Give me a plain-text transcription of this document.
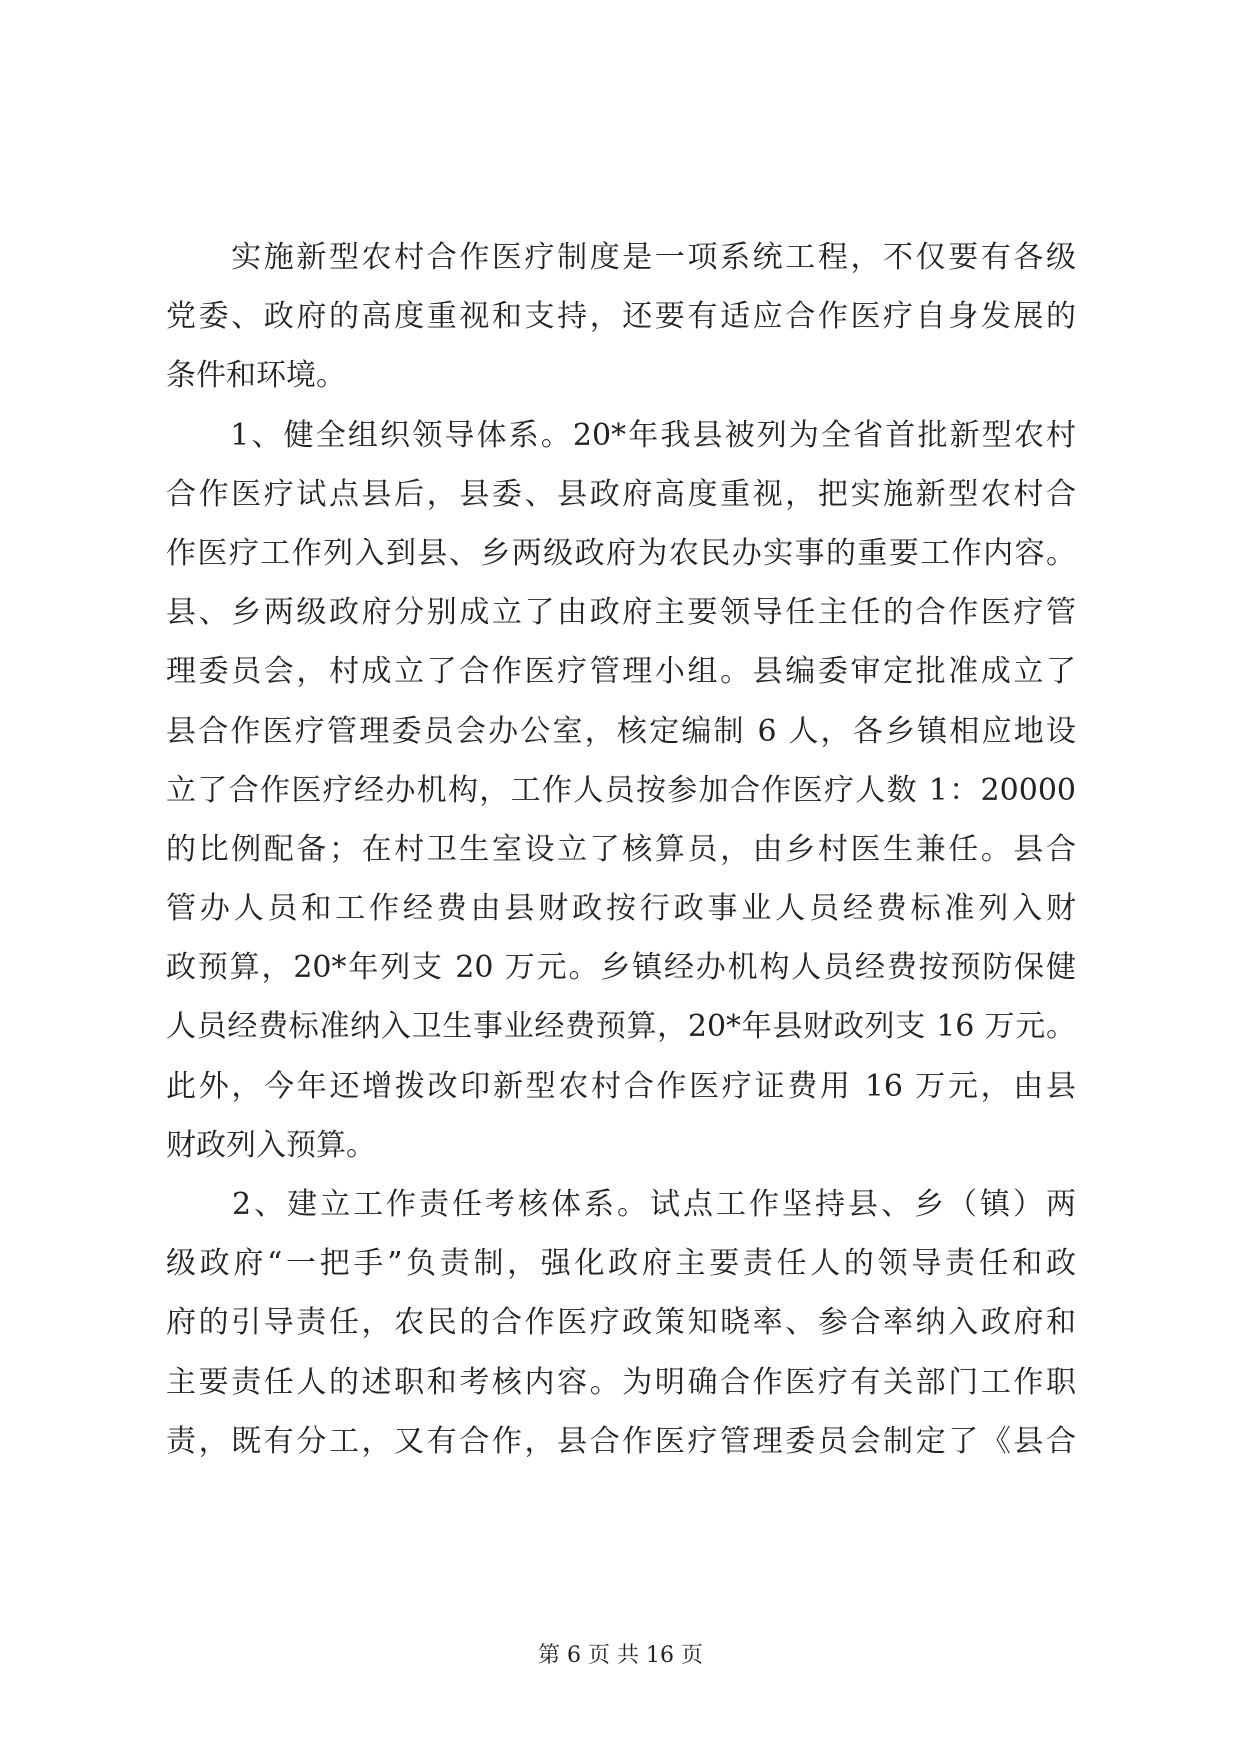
　　实施新型农村合作医疗制度是一项系统工程，不仅要有各级
党委、政府的高度重视和支持，还要有适应合作医疗自身发展的
条件和环境。
　　1、健全组织领导体系。20*年我县被列为全省首批新型农村
合作医疗试点县后，县委、县政府高度重视，把实施新型农村合
作医疗工作列入到县、乡两级政府为农民办实事的重要工作内容。
县、乡两级政府分别成立了由政府主要领导任主任的合作医疗管
理委员会，村成立了合作医疗管理小组。县编委审定批准成立了
县合作医疗管理委员会办公室，核定编制 6 人，各乡镇相应地设
立了合作医疗经办机构，工作人员按参加合作医疗人数 1：20000
的比例配备；在村卫生室设立了核算员，由乡村医生兼任。县合
管办人员和工作经费由县财政按行政事业人员经费标准列入财
政预算，20*年列支 20 万元。乡镇经办机构人员经费按预防保健
人员经费标准纳入卫生事业经费预算，20*年县财政列支 16 万元。
此外，今年还增拨改印新型农村合作医疗证费用 16 万元，由县
财政列入预算。
　　2、建立工作责任考核体系。试点工作坚持县、乡（镇）两
级政府“一把手”负责制，强化政府主要责任人的领导责任和政
府的引导责任，农民的合作医疗政策知晓率、参合率纳入政府和
主要责任人的述职和考核内容。为明确合作医疗有关部门工作职
责，既有分工，又有合作，县合作医疗管理委员会制定了《县合
第 6 页 共 16 页
